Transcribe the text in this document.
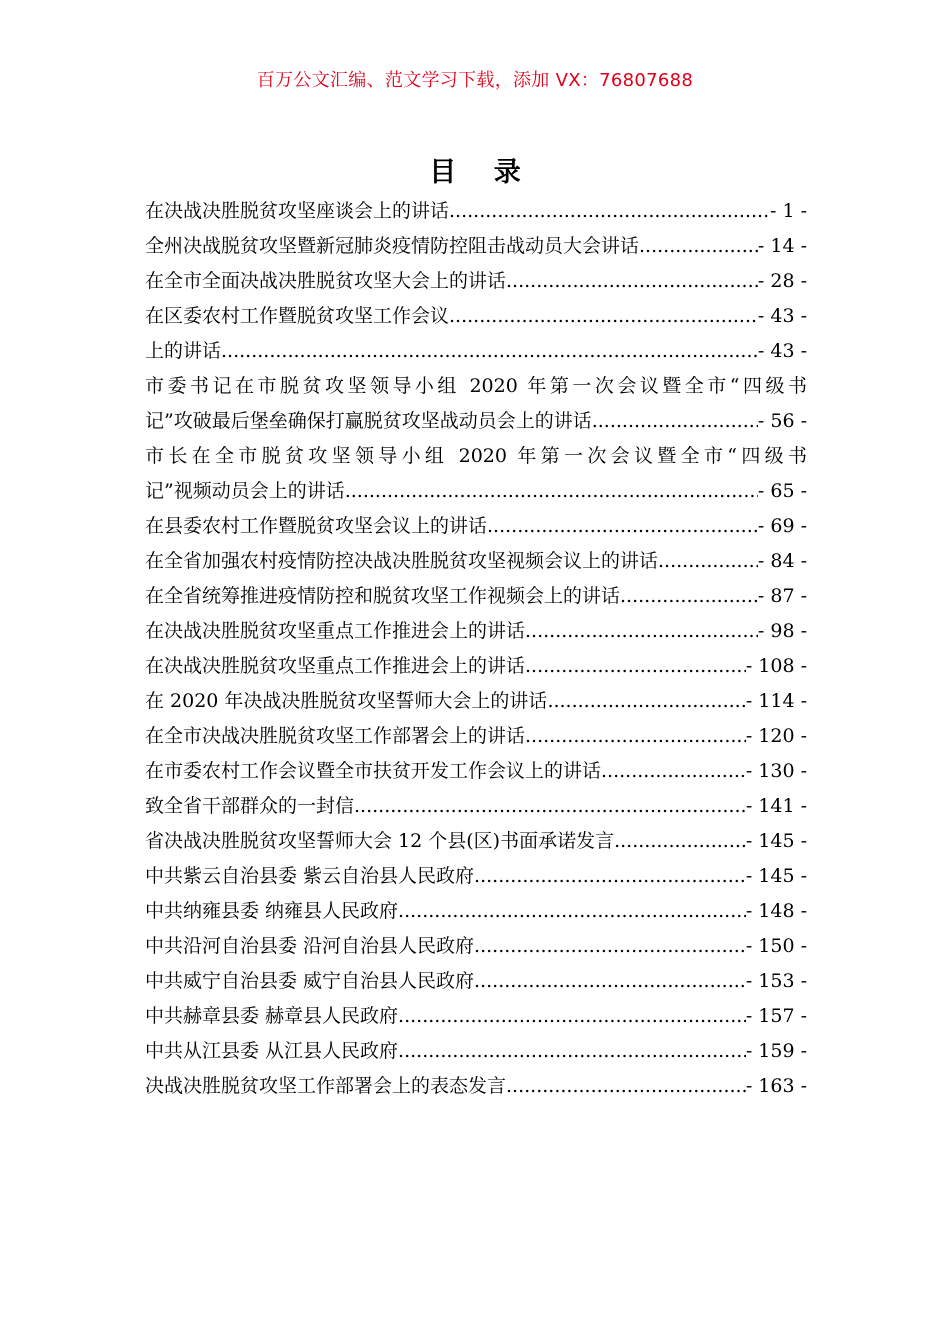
百万公文汇编、范文学习下载，添加 VX：76807688
目 录
在决战决胜脱贫攻坚座谈会上的讲话 .....	- 1 -
全州决战脱贫攻坚暨新冠肺炎疫情防控阻击战动员大会讲话 .....	- 14 -
在全市全面决战决胜脱贫攻坚大会上的讲话 .....	- 28 -
在区委农村工作暨脱贫攻坚工作会议 .....	- 43 -
上的讲话 .....	- 43 -
市委书记在市脱贫攻坚领导小组 2020 年第一次会议暨全市“四级书
记”攻破最后堡垒确保打赢脱贫攻坚战动员会上的讲话 .....	- 56 -
市长在全市脱贫攻坚领导小组 2020 年第一次会议暨全市“四级书
记”视频动员会上的讲话 .....	- 65 -
在县委农村工作暨脱贫攻坚会议上的讲话 .....	- 69 -
在全省加强农村疫情防控决战决胜脱贫攻坚视频会议上的讲话 .....	- 84 -
在全省统筹推进疫情防控和脱贫攻坚工作视频会上的讲话 .....	- 87 -
在决战决胜脱贫攻坚重点工作推进会上的讲话 .....	- 98 -
在决战决胜脱贫攻坚重点工作推进会上的讲话 .....	- 108 -
在 2020 年决战决胜脱贫攻坚誓师大会上的讲话 .....	- 114 -
在全市决战决胜脱贫攻坚工作部署会上的讲话 .....	- 120 -
在市委农村工作会议暨全市扶贫开发工作会议上的讲话 .....	- 130 -
致全省干部群众的一封信 .....	- 141 -
省决战决胜脱贫攻坚誓师大会 12 个县(区)书面承诺发言 .....	- 145 -
中共紫云自治县委 紫云自治县人民政府 .....	- 145 -
中共纳雍县委 纳雍县人民政府 .....	- 148 -
中共沿河自治县委 沿河自治县人民政府 .....	- 150 -
中共威宁自治县委 威宁自治县人民政府 .....	- 153 -
中共赫章县委 赫章县人民政府 .....	- 157 -
中共从江县委 从江县人民政府 .....	- 159 -
决战决胜脱贫攻坚工作部署会上的表态发言 .....	- 163 -
